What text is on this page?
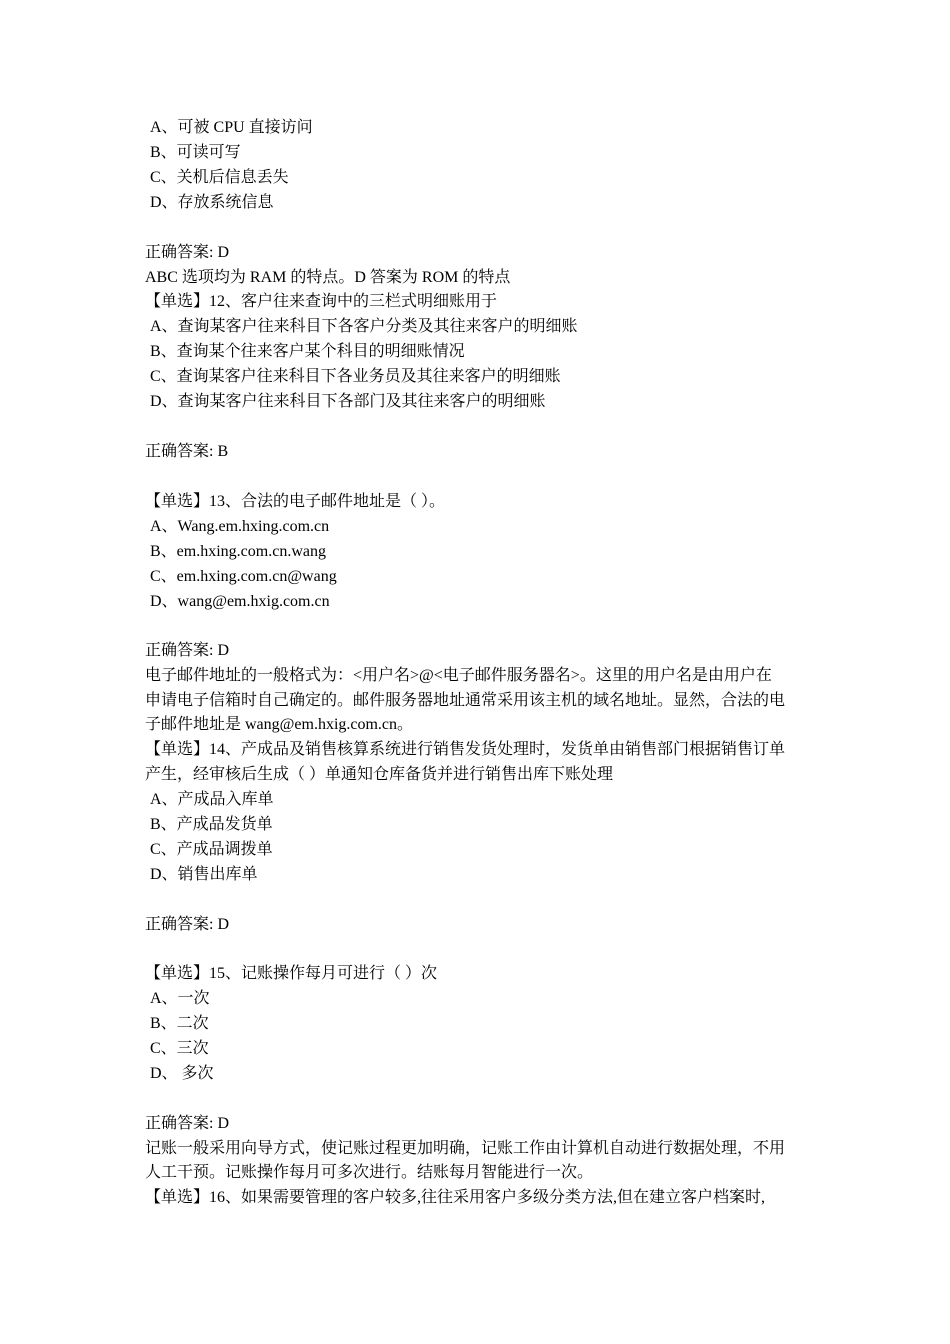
A、可被 CPU 直接访问
B、可读可写
C、关机后信息丢失
D、存放系统信息
正确答案: D
ABC 选项均为 RAM 的特点。D 答案为 ROM 的特点
【单选】12、客户往来查询中的三栏式明细账用于
A、查询某客户往来科目下各客户分类及其往来客户的明细账
B、查询某个往来客户某个科目的明细账情况
C、查询某客户往来科目下各业务员及其往来客户的明细账
D、查询某客户往来科目下各部门及其往来客户的明细账
正确答案: B
【单选】13、合法的电子邮件地址是（ ）。
A、Wang.em.hxing.com.cn
B、em.hxing.com.cn.wang
C、em.hxing.com.cn@wang
D、wang@em.hxig.com.cn
正确答案: D
电子邮件地址的一般格式为：<用户名>@<电子邮件服务器名>。这里的用户名是由用户在
申请电子信箱时自己确定的。邮件服务器地址通常采用该主机的域名地址。显然，合法的电
子邮件地址是 wang@em.hxig.com.cn。
【单选】14、产成品及销售核算系统进行销售发货处理时，发货单由销售部门根据销售订单
产生，经审核后生成（ ）单通知仓库备货并进行销售出库下账处理
A、产成品入库单
B、产成品发货单
C、产成品调拨单
D、销售出库单
正确答案: D
【单选】15、记账操作每月可进行（ ）次
A、一次
B、二次
C、三次
D、 多次
正确答案: D
记账一般采用向导方式，使记账过程更加明确，记账工作由计算机自动进行数据处理，不用
人工干预。记账操作每月可多次进行。结账每月智能进行一次。
【单选】16、如果需要管理的客户较多,往往采用客户多级分类方法,但在建立客户档案时,
